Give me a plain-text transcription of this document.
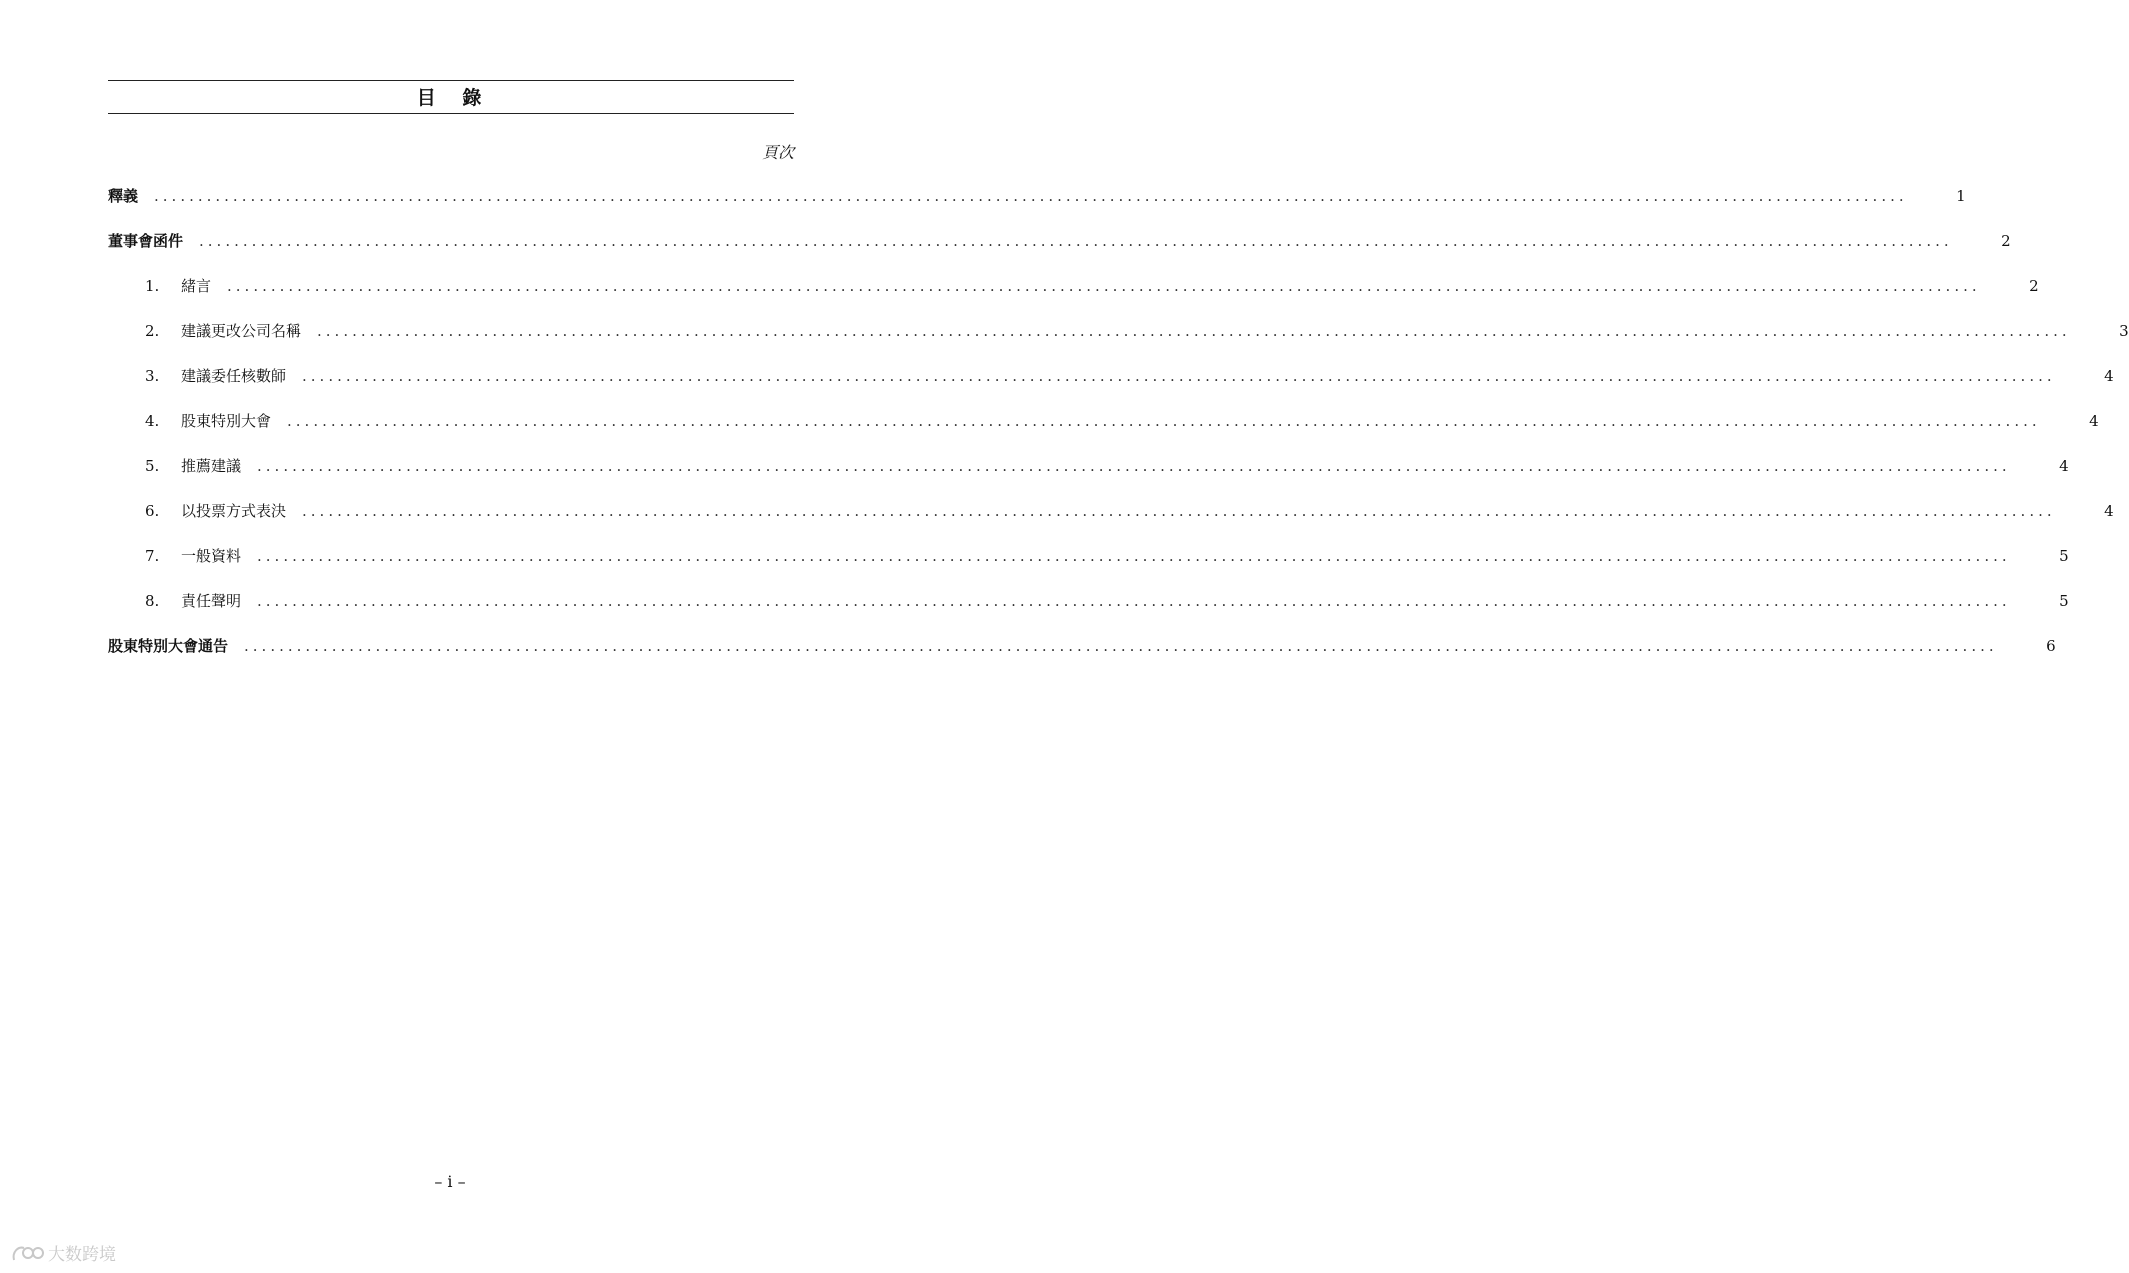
目　錄
頁次
釋義 ........................................................................................................................................................................................................	1
董事會函件 ........................................................................................................................................................................................................	2
1.	緒言 ........................................................................................................................................................................................................	2
2.	建議更改公司名稱 ........................................................................................................................................................................................................	3
3.	建議委任核數師 ........................................................................................................................................................................................................	4
4.	股東特別大會 ........................................................................................................................................................................................................	4
5.	推薦建議 ........................................................................................................................................................................................................	4
6.	以投票方式表決 ........................................................................................................................................................................................................	4
7.	一般資料 ........................................................................................................................................................................................................	5
8.	責任聲明 ........................................................................................................................................................................................................	5
股東特別大會通告 ........................................................................................................................................................................................................	6
– i –
大数跨境
